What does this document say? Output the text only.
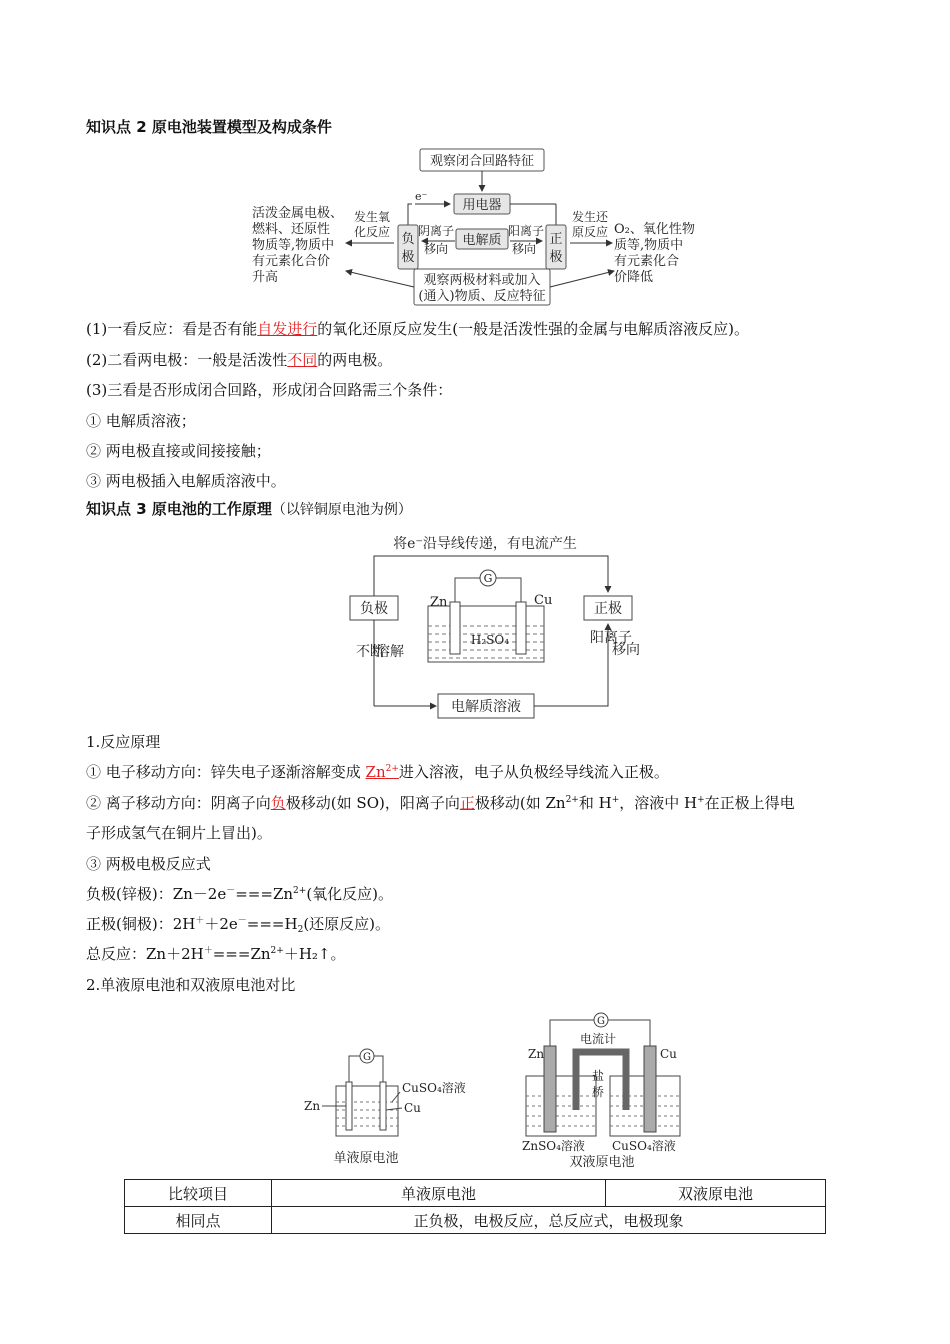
知识点 2 原电池装置模型及构成条件
观察闭合回路特征
用电器
e⁻
负
极
正
极
电解质
阴离子
移向
阳离子
移向
发生氧
化反应
发生还
原反应
活泼金属电极、
燃料、还原性
物质等,物质中
有元素化合价
升高
O₂、氧化性物
质等,物质中
有元素化合
价降低
观察两极材料或加入
(通入)物质、反应特征
(1)一看反应：看是否有能自发进行的氧化还原反应发生(一般是活泼性强的金属与电解质溶液反应)。
(2)二看两电极：一般是活泼性不同的两电极。
(3)三看是否形成闭合回路，形成闭合回路需三个条件：
① 电解质溶液；
② 两电极直接或间接接触；
③ 两电极插入电解质溶液中。
知识点 3 原电池的工作原理（以锌铜原电池为例）
将e⁻沿导线传递，有电流产生
负极	正极
G
Zn	Cu
H₂SO₄
电解质溶液
不断
溶解
阳离子
移向
1.反应原理
① 电子移动方向：锌失电子逐渐溶解变成 $Zn^{2+}$进入溶液，电子从负极经导线流入正极。
② 离子移动方向：阴离子向负极移动(如 SO)，阳离子向正极移动(如 $Zn^{2+}$和 H+，溶液中 H+在正极上得电
子形成氢气在铜片上冒出)。
③ 两极电极反应式
负极(锌极)：$Zn-2e^-===Zn^{2+}$(氧化反应)。
正极(铜极)：$2H^++2e^-===H_2$(还原反应)。
总反应：$Zn+2H^+===Zn^{2+}+H_2↑$。
2.单液原电池和双液原电池对比
G
Zn
CuSO₄溶液
Cu
单液原电池
G
电流计
盐
桥
Zn	Cu
ZnSO₄溶液 CuSO₄溶液
双液原电池
比较项目	单液原电池	双液原电池
相同点	正负极，电极反应，总反应式，电极现象	
